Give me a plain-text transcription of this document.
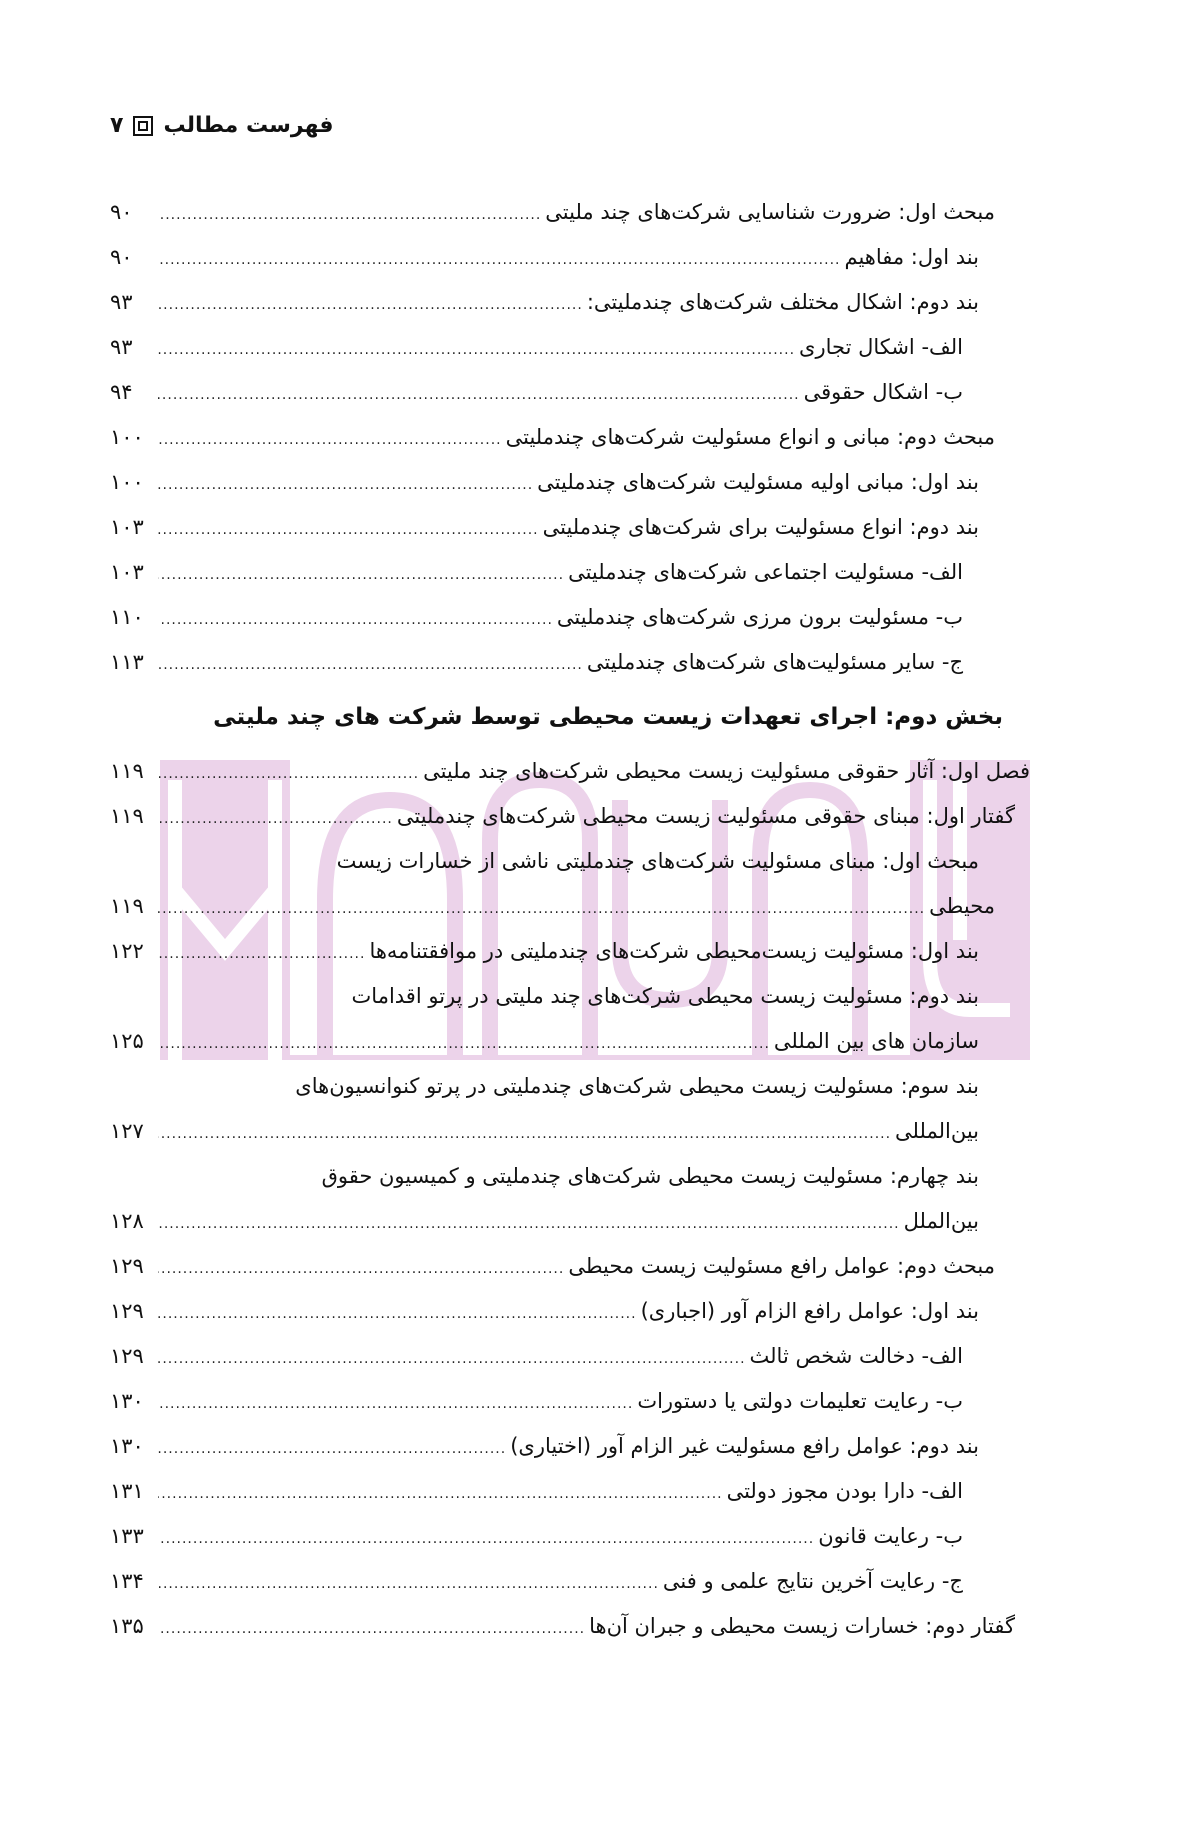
فهرست مطالب
۷
مبحث اول: ضرورت شناسایی شرکت‌های چند ملیتی
.....
۹۰
بند اول: مفاهیم
.....
۹۰
بند دوم: اشکال مختلف شرکت‌های چندملیتی:
.....
۹۳
الف- اشکال تجاری
.....
۹۳
ب- اشکال حقوقی
.....
۹۴
مبحث دوم: مبانی و انواع مسئولیت شرکت‌های چندملیتی
.....
۱۰۰
بند اول: مبانی اولیه مسئولیت شرکت‌های چندملیتی
.....
۱۰۰
بند دوم: انواع مسئولیت برای شرکت‌های چندملیتی
.....
۱۰۳
الف- مسئولیت اجتماعی شرکت‌های چندملیتی
.....
۱۰۳
ب- مسئولیت برون مرزی شرکت‌های چندملیتی
.....
۱۱۰
ج- سایر مسئولیت‌های شرکت‌های چندملیتی
.....
۱۱۳
بخش دوم: اجرای تعهدات زیست محیطی توسط شرکت های چند ملیتی
فصل اول: آثار حقوقی مسئولیت زیست محیطی شرکت‌های چند ملیتی
.....
۱۱۹
گفتار اول: مبنای حقوقی مسئولیت زیست محیطی شرکت‌های چندملیتی
.....
۱۱۹
مبحث اول: مبنای مسئولیت شرکت‌های چندملیتی ناشی از خسارات زیست
محیطی
.....
۱۱۹
بند اول: مسئولیت زیست‌محیطی شرکت‌های چندملیتی در موافقتنامه‌ها
.....
۱۲۲
بند دوم: مسئولیت زیست محیطی شرکت‌های چند ملیتی در پرتو اقدامات
سازمان های بین المللی
.....
۱۲۵
بند سوم: مسئولیت زیست محیطی شرکت‌های چندملیتی در پرتو کنوانسیون‌های
بین‌المللی
.....
۱۲۷
بند چهارم: مسئولیت زیست محیطی شرکت‌های چندملیتی و کمیسیون حقوق
بین‌الملل
.....
۱۲۸
مبحث دوم: عوامل رافع مسئولیت زیست محیطی
.....
۱۲۹
بند اول: عوامل رافع الزام آور (اجباری)
.....
۱۲۹
الف- دخالت شخص ثالث
.....
۱۲۹
ب- رعایت تعلیمات دولتی یا دستورات
.....
۱۳۰
بند دوم: عوامل رافع مسئولیت غیر الزام آور (اختیاری)
.....
۱۳۰
الف- دارا بودن مجوز دولتی
.....
۱۳۱
ب- رعایت قانون
.....
۱۳۳
ج- رعایت آخرین نتایج علمی و فنی
.....
۱۳۴
گفتار دوم: خسارات زیست محیطی و جبران آن‌ها
.....
۱۳۵
